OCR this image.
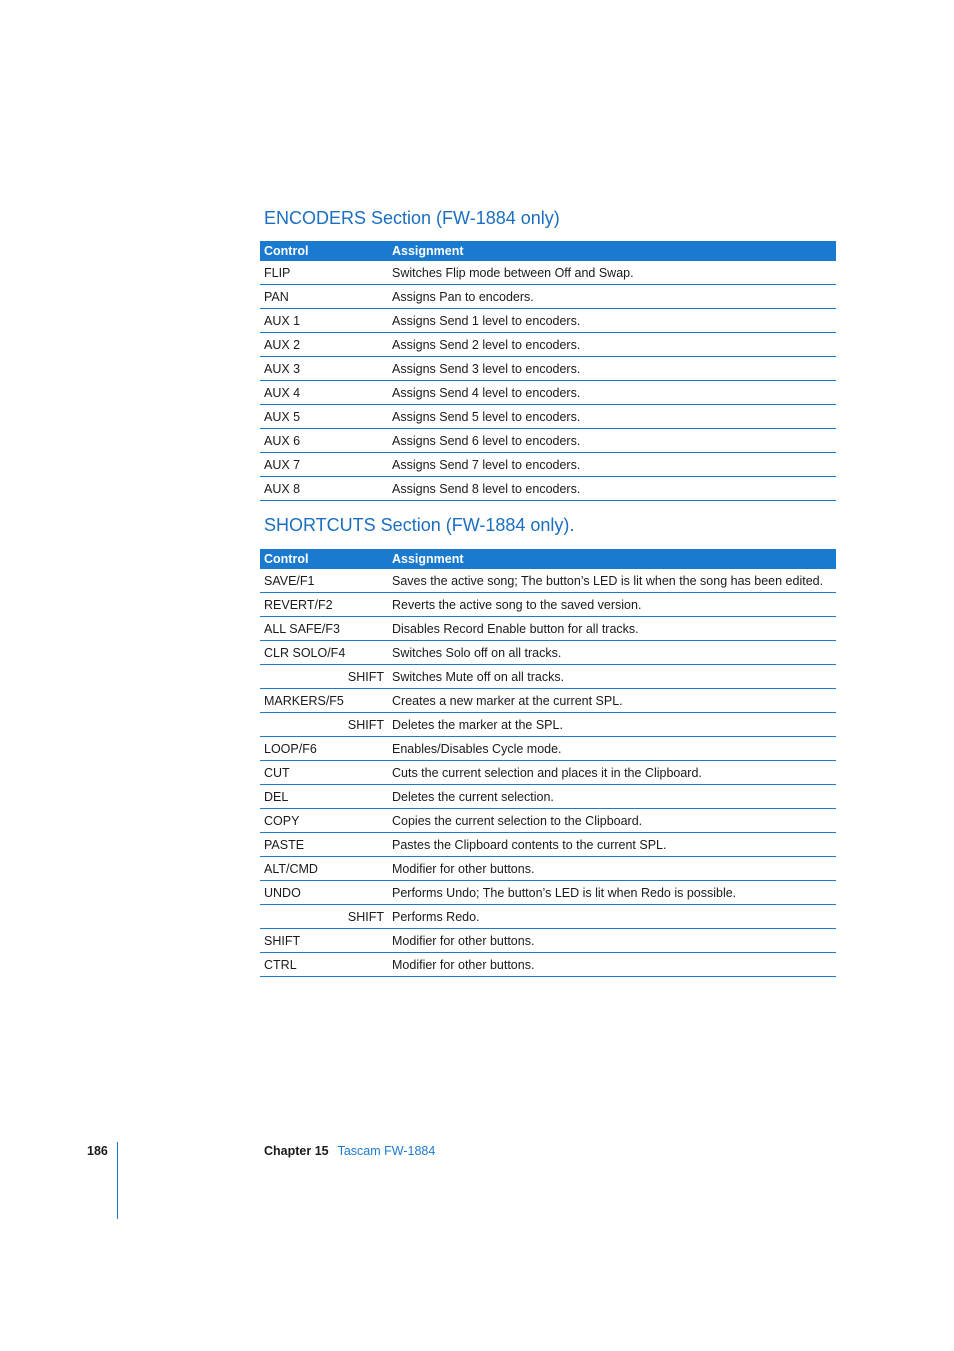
ENCODERS Section (FW-1884 only)
Control	Assignment
FLIP	Switches Flip mode between Off and Swap.
PAN	Assigns Pan to encoders.
AUX 1	Assigns Send 1 level to encoders.
AUX 2	Assigns Send 2 level to encoders.
AUX 3	Assigns Send 3 level to encoders.
AUX 4	Assigns Send 4 level to encoders.
AUX 5	Assigns Send 5 level to encoders.
AUX 6	Assigns Send 6 level to encoders.
AUX 7	Assigns Send 7 level to encoders.
AUX 8	Assigns Send 8 level to encoders.
SHORTCUTS Section (FW-1884 only).
Control	Assignment
SAVE/F1	Saves the active song; The button’s LED is lit when the song has been edited.
REVERT/F2	Reverts the active song to the saved version.
ALL SAFE/F3	Disables Record Enable button for all tracks.
CLR SOLO/F4	Switches Solo off on all tracks.
SHIFT	Switches Mute off on all tracks.
MARKERS/F5	Creates a new marker at the current SPL.
SHIFT	Deletes the marker at the SPL.
LOOP/F6	Enables/Disables Cycle mode.
CUT	Cuts the current selection and places it in the Clipboard.
DEL	Deletes the current selection.
COPY	Copies the current selection to the Clipboard.
PASTE	Pastes the Clipboard contents to the current SPL.
ALT/CMD	Modifier for other buttons.
UNDO	Performs Undo; The button’s LED is lit when Redo is possible.
SHIFT	Performs Redo.
SHIFT	Modifier for other buttons.
CTRL	Modifier for other buttons.
186	Chapter 15 Tascam FW-1884
